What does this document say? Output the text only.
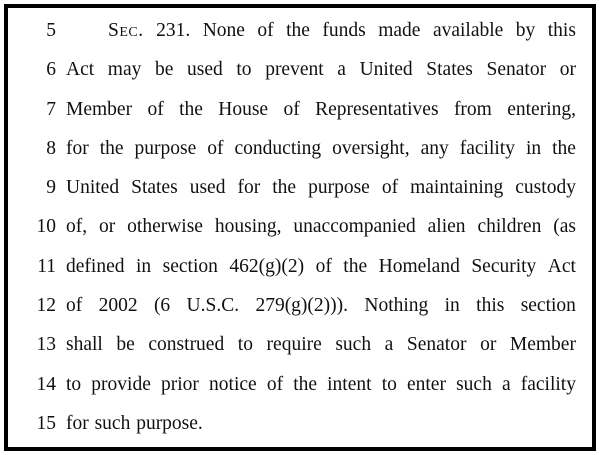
5	Sec. 231. None of the funds made available by this
6 Act may be used to prevent a United States Senator or
7 Member of the House of Representatives from entering,
8 for the purpose of conducting oversight, any facility in the
9 United States used for the purpose of maintaining custody
10 of, or otherwise housing, unaccompanied alien children (as
11 defined in section 462(g)(2) of the Homeland Security Act
12 of 2002 (6 U.S.C. 279(g)(2))). Nothing in this section
13 shall be construed to require such a Senator or Member
14 to provide prior notice of the intent to enter such a facility
15 for such purpose.
